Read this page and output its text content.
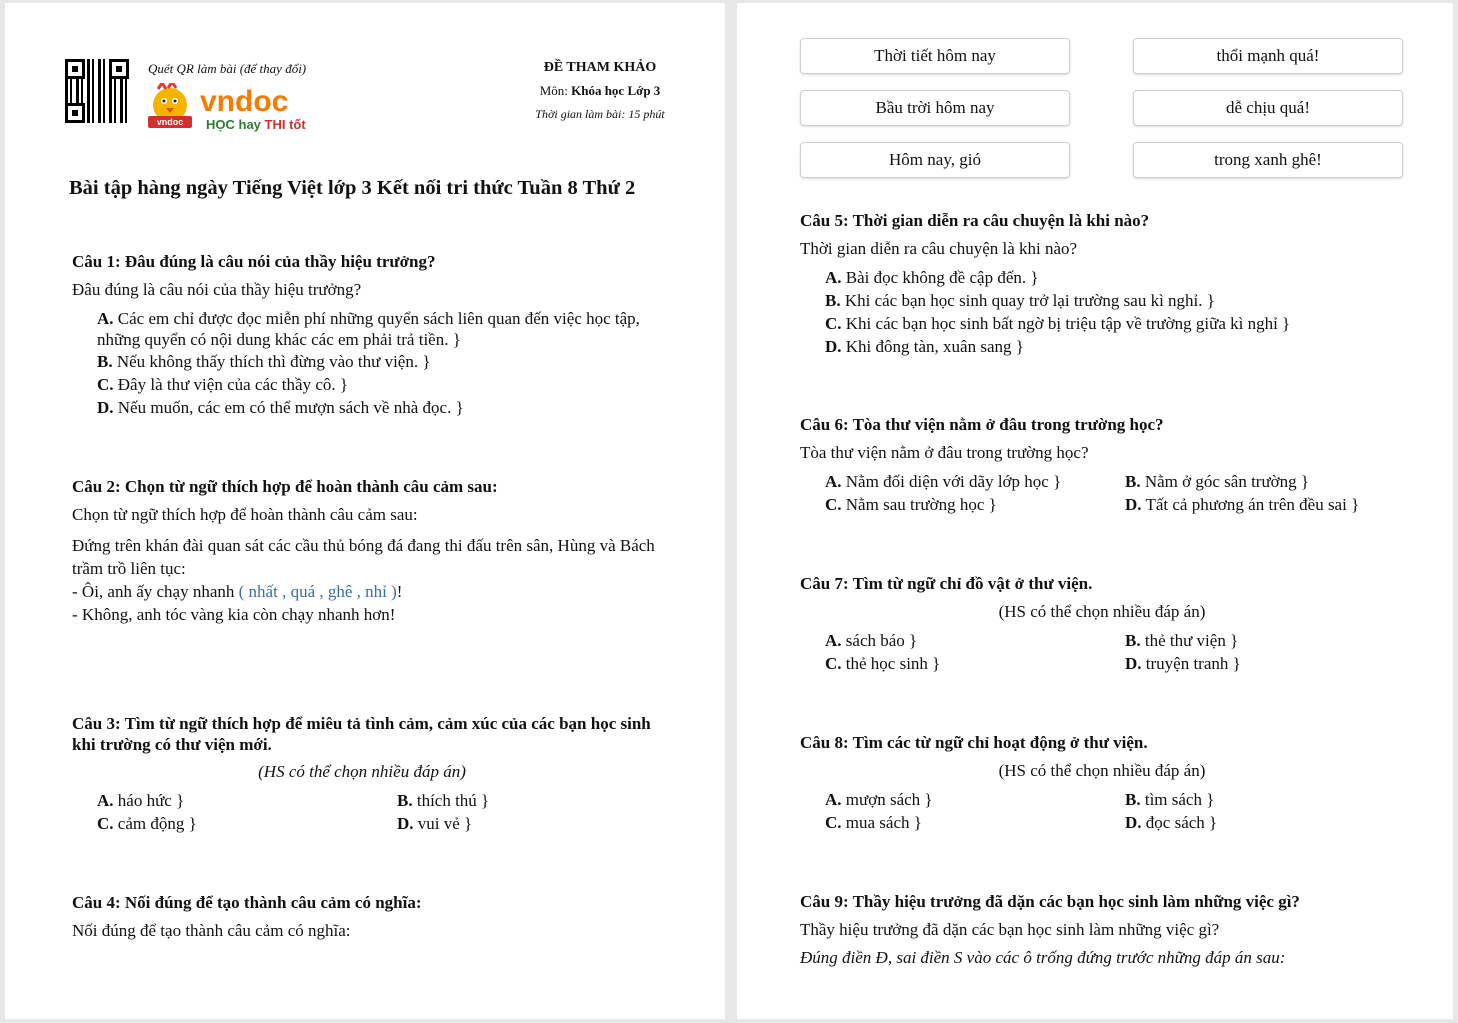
Quét QR làm bài (để thay đổi)
vndoc
vndoc
HỌC hay THI tốt
ĐỀ THAM KHẢO
Môn: Khóa học Lớp 3
Thời gian làm bài: 15 phút
Bài tập hàng ngày Tiếng Việt lớp 3 Kết nối tri thức Tuần 8 Thứ 2
Câu 1: Đâu đúng là câu nói của thầy hiệu trưởng?
Đâu đúng là câu nói của thầy hiệu trưởng?
A. Các em chỉ được đọc miễn phí những quyển sách liên quan đến việc học tập, những quyển có nội dung khác các em phải trả tiền. }
B. Nếu không thấy thích thì đừng vào thư viện. }
C. Đây là thư viện của các thầy cô. }
D. Nếu muốn, các em có thể mượn sách về nhà đọc. }
Câu 2: Chọn từ ngữ thích hợp để hoàn thành câu cảm sau:
Chọn từ ngữ thích hợp để hoàn thành câu cảm sau:
Đứng trên khán đài quan sát các cầu thủ bóng đá đang thi đấu trên sân, Hùng và Bách trầm trồ liên tục:
- Ôi, anh ấy chạy nhanh ( nhất , quá , ghê , nhỉ )!
- Không, anh tóc vàng kia còn chạy nhanh hơn!
Câu 3: Tìm từ ngữ thích hợp để miêu tả tình cảm, cảm xúc của các bạn học sinh khi trường có thư viện mới.
(HS có thể chọn nhiều đáp án)
A. háo hức }	B. thích thú }
C. cảm động }	D. vui vẻ }
Câu 4: Nối đúng để tạo thành câu cảm có nghĩa:
Nối đúng để tạo thành câu cảm có nghĩa:
Thời tiết hôm nay	thổi mạnh quá!
Bầu trời hôm nay	dễ chịu quá!
Hôm nay, gió	trong xanh ghê!
Câu 5: Thời gian diễn ra câu chuyện là khi nào?
Thời gian diễn ra câu chuyện là khi nào?
A. Bài đọc không đề cập đến. }
B. Khi các bạn học sinh quay trở lại trường sau kì nghỉ. }
C. Khi các bạn học sinh bất ngờ bị triệu tập về trường giữa kì nghỉ }
D. Khi đông tàn, xuân sang }
Câu 6: Tòa thư viện nằm ở đâu trong trường học?
Tòa thư viện nằm ở đâu trong trường học?
A. Nằm đối diện với dãy lớp học }	B. Nằm ở góc sân trường }
C. Nằm sau trường học }	D. Tất cả phương án trên đều sai }
Câu 7: Tìm từ ngữ chỉ đồ vật ở thư viện.
(HS có thể chọn nhiều đáp án)
A. sách báo }	B. thẻ thư viện }
C. thẻ học sinh }	D. truyện tranh }
Câu 8: Tìm các từ ngữ chỉ hoạt động ở thư viện.
(HS có thể chọn nhiều đáp án)
A. mượn sách }	B. tìm sách }
C. mua sách }	D. đọc sách }
Câu 9: Thầy hiệu trưởng đã dặn các bạn học sinh làm những việc gì?
Thầy hiệu trưởng đã dặn các bạn học sinh làm những việc gì?
Đúng điền Đ, sai điền S vào các ô trống đứng trước những đáp án sau:
